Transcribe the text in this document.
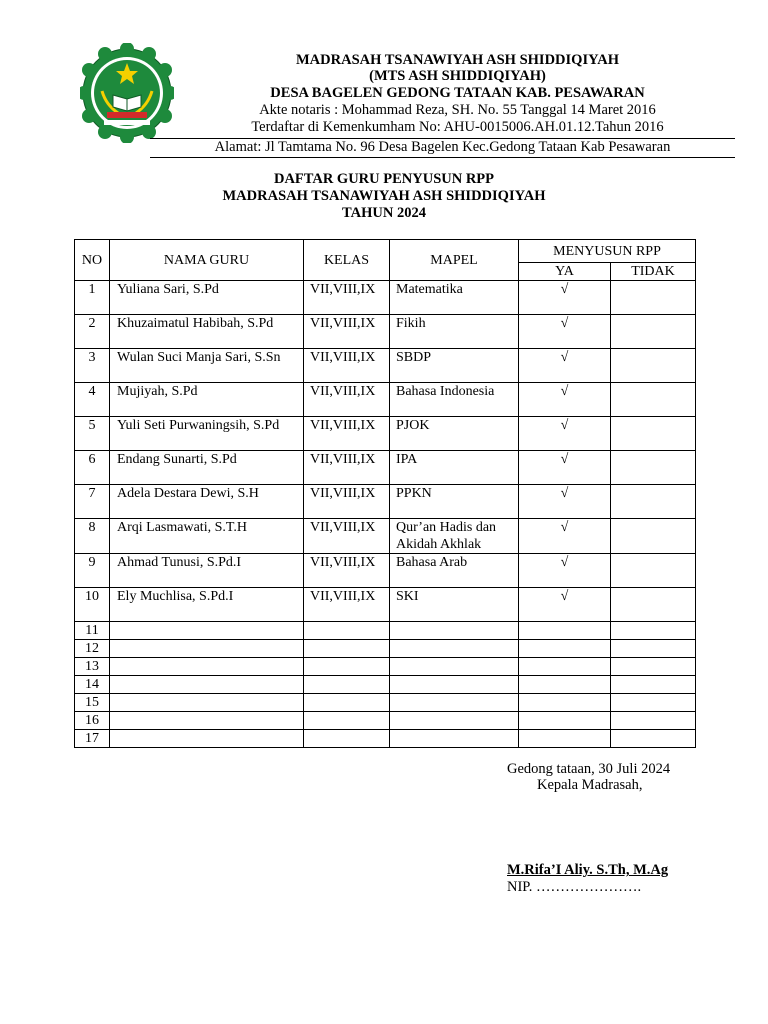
MADRASAH TSANAWIYAH ASH SHIDDIQIYAH
(MTS ASH SHIDDIQIYAH)
DESA BAGELEN GEDONG TATAAN KAB. PESAWARAN
Akte notaris : Mohammad Reza, SH. No. 55 Tanggal 14 Maret 2016
Terdaftar di Kemenkumham No: AHU-0015006.AH.01.12.Tahun 2016
Alamat: Jl Tamtama No. 96 Desa Bagelen Kec.Gedong Tataan Kab Pesawaran
DAFTAR GURU PENYUSUN RPP
MADRASAH TSANAWIYAH ASH SHIDDIQIYAH
TAHUN 2024
NO	NAMA GURU	KELAS	MAPEL	MENYUSUN RPP	
				YA	TIDAK
1	Yuliana Sari, S.Pd	VII,VIII,IX	Matematika	√	
2	Khuzaimatul Habibah, S.Pd	VII,VIII,IX	Fikih	√	
3	Wulan Suci Manja Sari, S.Sn	VII,VIII,IX	SBDP	√	
4	Mujiyah, S.Pd	VII,VIII,IX	Bahasa Indonesia	√	
5	Yuli Seti Purwaningsih, S.Pd	VII,VIII,IX	PJOK	√	
6	Endang Sunarti, S.Pd	VII,VIII,IX	IPA	√	
7	Adela Destara Dewi, S.H	VII,VIII,IX	PPKN	√	
8	Arqi Lasmawati, S.T.H	VII,VIII,IX	Qur’an Hadis dan Akidah Akhlak	√	
9	Ahmad Tunusi, S.Pd.I	VII,VIII,IX	Bahasa Arab	√	
10	Ely Muchlisa, S.Pd.I	VII,VIII,IX	SKI	√	
11					
12					
13					
14					
15					
16					
17					
Gedong tataan, 30 Juli 2024
Kepala Madrasah,
M.Rifa’I Aliy. S.Th, M.Ag
NIP. ………………….
